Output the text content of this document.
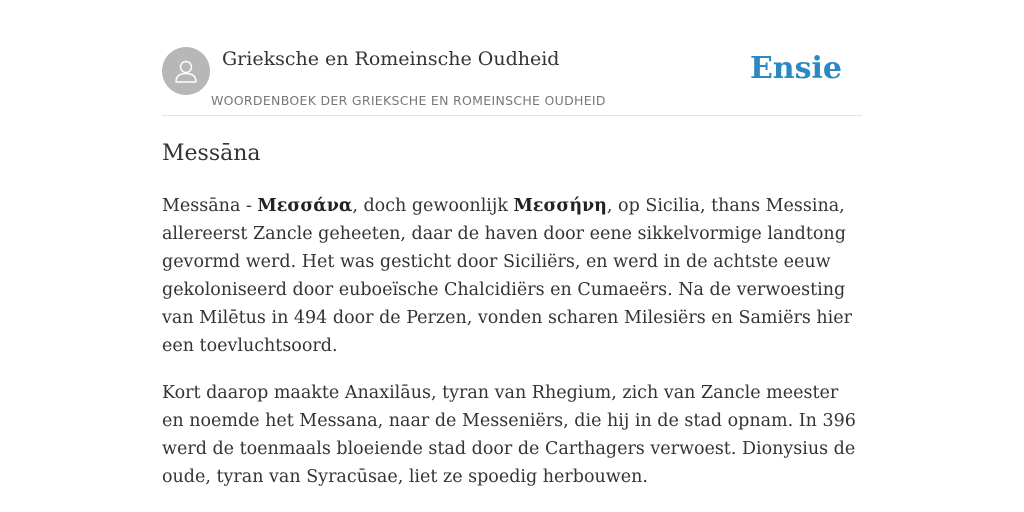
Grieksche en Romeinsche Oudheid
WOORDENBOEK DER GRIEKSCHE EN ROMEINSCHE OUDHEID
Ensie
Messāna

Messāna - Μεσσάνα, doch gewoonlijk Μεσσήνη, op Sicilia, thans Messina, allereerst Zancle geheeten, daar de haven door eene sikkelvormige landtong gevormd werd. Het was gesticht door Siciliërs, en werd in de achtste eeuw gekoloniseerd door euboeïsche Chalcidiërs en Cumaeërs. Na de verwoesting van Milētus in 494 door de Perzen, vonden scharen Milesiërs en Samiërs hier een toevluchtsoord.

Kort daarop maakte Anaxilāus, tyran van Rhegium, zich van Zancle meester en noemde het Messana, naar de Messeniërs, die hij in de stad opnam. In 396 werd de toenmaals bloeiende stad door de Carthagers verwoest. Dionysius de oude, tyran van Syracūsae, liet ze spoedig herbouwen.
